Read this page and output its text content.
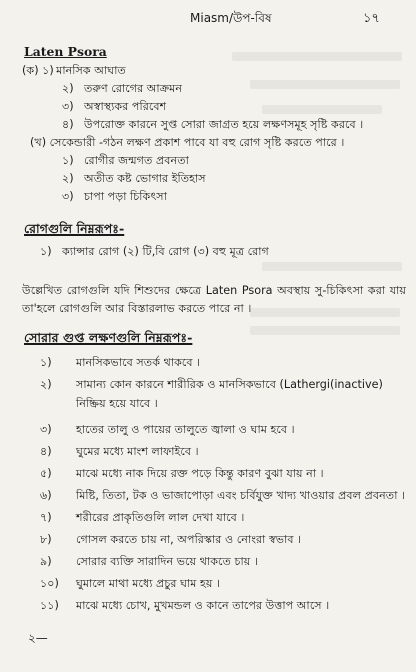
Miasm/উপ-বিষ	১৭
Laten Psora
(ক) ১) মানসিক আঘাত
২) তরুণ রোগের আক্রমন
৩) অস্বাস্থ্যকর পরিবেশ
৪) উপরোক্ত কারনে সুপ্ত সোরা জাগ্রত হয়ে লক্ষণসমূহ সৃষ্টি করবে ।
(খ) সেকেন্ডারী -গঠন লক্ষণ প্রকাশ পাবে যা বহু রোগ সৃষ্টি করতে পারে ।
১) রোগীর জন্মগত প্রবনতা
২) অতীত কষ্ট ভোগার ইতিহাস
৩) চাপা পড়া চিকিৎসা
রোগগুলি নিম্নরূপঃ-
১) ক্যান্সার রোগ (২) টি,বি রোগ (৩) বহু মূত্র রোগ
উল্লেখিত রোগগুলি যদি শিশুদের ক্ষেত্রে Laten Psora অবস্থায় সু-চিকিৎসা করা যায় তা'হলে রোগগুলি আর বিস্তারলাভ করতে পারে না ।
সোরার গুপ্ত লক্ষণগুলি নিম্নরূপঃ-
১) মানসিকভাবে সতর্ক থাকবে ।
২) সামান্য কোন কারনে শারীরিক ও মানসিকভাবে (Lathergi(inactive)
নিষ্ক্রিয় হয়ে যাবে ।
৩) হাতের তালু ও পায়ের তালুতে জ্বালা ও ঘাম হবে ।
৪) ঘুমের মধ্যে মাংশ লাফাইবে ।
৫) মাঝে মধ্যে নাক দিয়ে রক্ত পড়ে কিন্তু কারণ বুঝা যায় না ।
৬) মিষ্টি, তিতা, টক ও ভাজাপোড়া এবং চর্বিযুক্ত খাদ্য খাওয়ার প্রবল প্রবনতা ।
৭) শরীরের প্রাকৃতিগুলি লাল দেখা যাবে ।
৮) গোসল করতে চায় না, অপরিস্কার ও নোংরা স্বভাব ।
৯) সোরার ব্যক্তি সারাদিন ভয়ে থাকতে চায় ।
১০) ঘুমালে মাথা মধ্যে প্রচুর ঘাম হয় ।
১১) মাঝে মধ্যে চোখ, মুখমন্ডল ও কানে তাপের উত্তাপ আসে ।
২—
